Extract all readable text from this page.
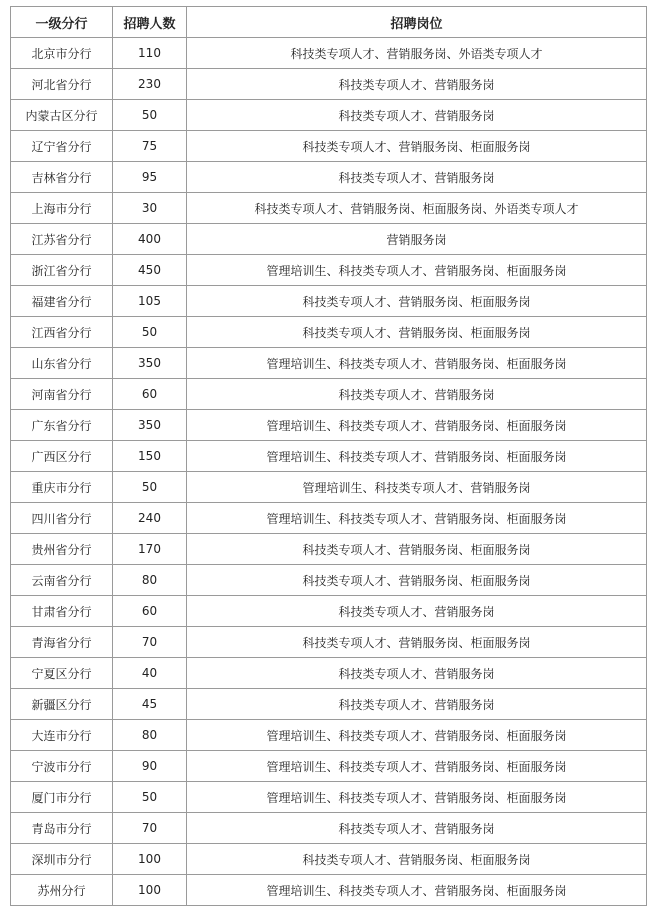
一级分行	招聘人数	招聘岗位
北京市分行	110	科技类专项人才、营销服务岗、外语类专项人才
河北省分行	230	科技类专项人才、营销服务岗
内蒙古区分行	50	科技类专项人才、营销服务岗
辽宁省分行	75	科技类专项人才、营销服务岗、柜面服务岗
吉林省分行	95	科技类专项人才、营销服务岗
上海市分行	30	科技类专项人才、营销服务岗、柜面服务岗、外语类专项人才
江苏省分行	400	营销服务岗
浙江省分行	450	管理培训生、科技类专项人才、营销服务岗、柜面服务岗
福建省分行	105	科技类专项人才、营销服务岗、柜面服务岗
江西省分行	50	科技类专项人才、营销服务岗、柜面服务岗
山东省分行	350	管理培训生、科技类专项人才、营销服务岗、柜面服务岗
河南省分行	60	科技类专项人才、营销服务岗
广东省分行	350	管理培训生、科技类专项人才、营销服务岗、柜面服务岗
广西区分行	150	管理培训生、科技类专项人才、营销服务岗、柜面服务岗
重庆市分行	50	管理培训生、科技类专项人才、营销服务岗
四川省分行	240	管理培训生、科技类专项人才、营销服务岗、柜面服务岗
贵州省分行	170	科技类专项人才、营销服务岗、柜面服务岗
云南省分行	80	科技类专项人才、营销服务岗、柜面服务岗
甘肃省分行	60	科技类专项人才、营销服务岗
青海省分行	70	科技类专项人才、营销服务岗、柜面服务岗
宁夏区分行	40	科技类专项人才、营销服务岗
新疆区分行	45	科技类专项人才、营销服务岗
大连市分行	80	管理培训生、科技类专项人才、营销服务岗、柜面服务岗
宁波市分行	90	管理培训生、科技类专项人才、营销服务岗、柜面服务岗
厦门市分行	50	管理培训生、科技类专项人才、营销服务岗、柜面服务岗
青岛市分行	70	科技类专项人才、营销服务岗
深圳市分行	100	科技类专项人才、营销服务岗、柜面服务岗
苏州分行	100	管理培训生、科技类专项人才、营销服务岗、柜面服务岗
